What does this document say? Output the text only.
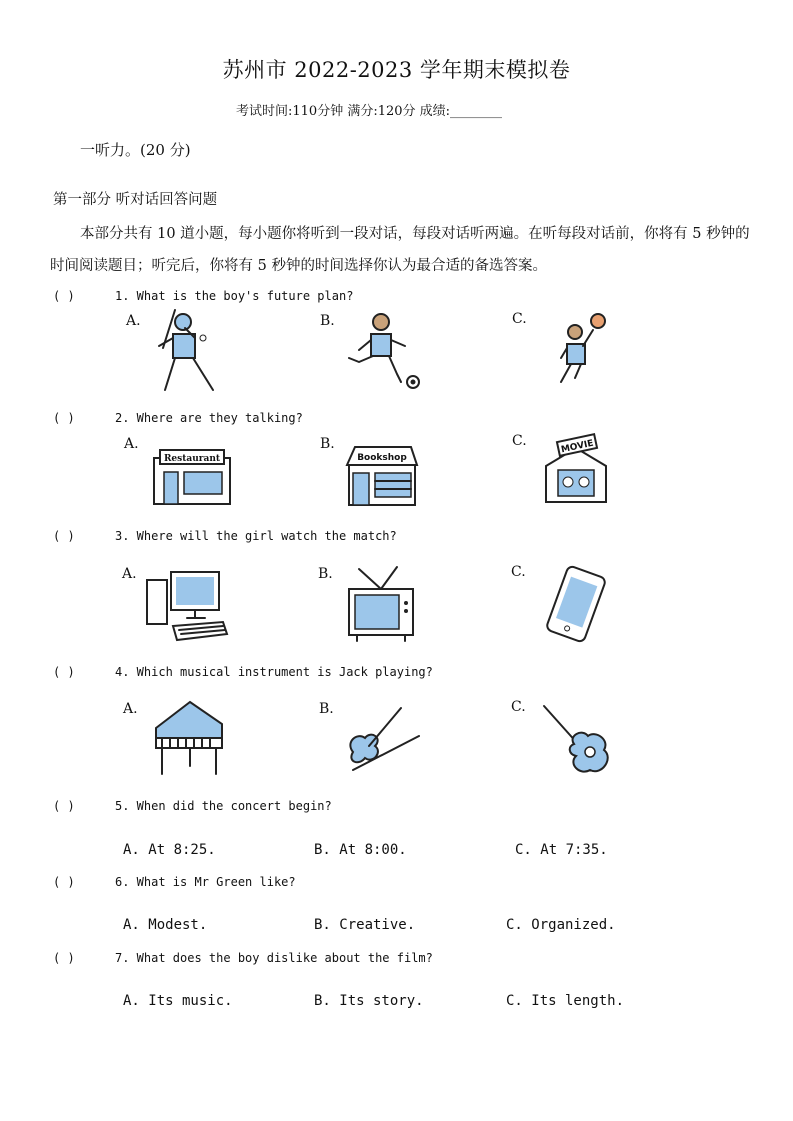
苏州市 2022-2023 学年期末模拟卷
考试时间:110分钟 满分:120分 成绩:________
一听力。(20 分)
第一部分 听对话回答问题
本部分共有 10 道小题，每小题你将听到一段对话，每段对话听两遍。在听每段对话前，你将有 5 秒钟的时间阅读题目；听完后，你将有 5 秒钟的时间选择你认为最合适的备选答案。
( )	1. What is the boy's future plan?
A.	B.	C.
( )	2. Where are they talking?
A.	B.	C.
Restaurant	Bookshop
MOVIE
( )	3. Where will the girl watch the match?
A.	B.	C.
( )	4. Which musical instrument is Jack playing?
A.	B.	C.
( )	5. When did the concert begin?
A. At 8:25.	B. At 8:00.	C. At 7:35.
( )	6. What is Mr Green like?
A. Modest.	B. Creative.	C. Organized.
( )	7. What does the boy dislike about the film?
A. Its music.	B. Its story.	C. Its length.
